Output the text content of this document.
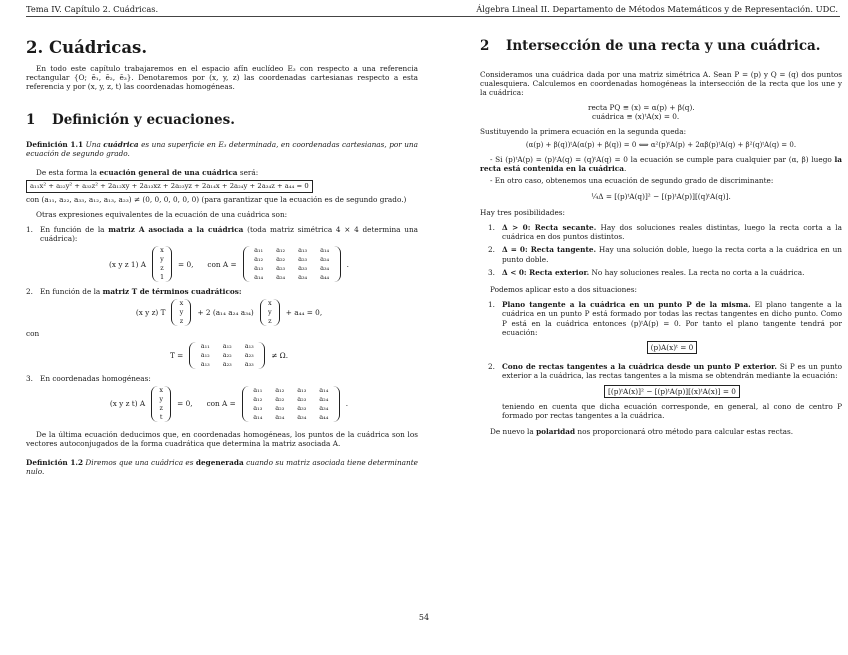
Tema IV. Capítulo 2. Cuádricas.	Álgebra Lineal II. Departamento de Métodos Matemáticos y de Representación. UDC.
2. Cuádricas.

En todo este capítulo trabajaremos en el espacio afín euclídeo E₃ con respecto a una referencia rectangular {O; ē₁, ē₂, ē₃}. Denotaremos por (x, y, z) las coordenadas cartesianas respecto a esta referencia y por (x, y, z, t) las coordenadas homogéneas.

1 Definición y ecuaciones.

Definición 1.1 Una cuádrica es una superficie en E₃ determinada, en coordenadas cartesianas, por una ecuación de segundo grado.

De esta forma la ecuación general de una cuádrica será:

a₁₁x² + a₂₂y² + a₃₃z² + 2a₁₂xy + 2a₁₃xz + 2a₂₃yz + 2a₁₄x + 2a₂₄y + 2a₃₄z + a₄₄ = 0

con (a₁₁, a₂₂, a₃₃, a₁₂, a₁₃, a₂₃) ≠ (0, 0, 0, 0, 0, 0) (para garantizar que la ecuación es de segundo grado.)

Otras expresiones equivalentes de la ecuación de una cuádrica son:

1. En función de la matriz A asociada a la cuádrica (toda matriz simétrica 4 × 4 determina una cuádrica):

(x y z 1) A
x
y
z
1
= 0, con A =
a₁₁	a₁₂	a₁₃	a₁₄
a₁₂	a₂₂	a₂₃	a₂₄
a₁₃	a₂₃	a₃₃	a₃₄
a₁₄	a₂₄	a₃₄	a₄₄
.
2. En función de la matriz T de términos cuadráticos:

(x y z) T
x
y
z
+ 2 (a₁₄ a₂₄ a₃₄)
x
y
z
+ a₄₄ = 0,

con

T =
a₁₁	a₁₂	a₁₃
a₁₂	a₂₂	a₂₃
a₁₃	a₂₃	a₃₃
≠ Ω.
3. En coordenadas homogéneas:

(x y z t) A
x
y
z
t
= 0, con A =
a₁₁	a₁₂	a₁₃	a₁₄
a₁₂	a₂₂	a₂₃	a₂₄
a₁₃	a₂₃	a₃₃	a₃₄
a₁₄	a₂₄	a₃₄	a₄₄
.

De la última ecuación deducimos que, en coordenadas homogéneas, los puntos de la cuádrica son los vectores autoconjugados de la forma cuadrática que determina la matriz asociada A.

Definición 1.2 Diremos que una cuádrica es degenerada cuando su matriz asociada tiene determinante nulo.

2 Intersección de una recta y una cuádrica.

Consideramos una cuádrica dada por una matriz simétrica A. Sean P = (p) y Q = (q) dos puntos cualesquiera. Calculemos en coordenadas homogéneas la intersección de la recta que los une y la cuádrica:

recta PQ ≡ (x) = α(p) + β(q).
cuádrica ≡ (x)ᵗA(x) = 0.

Sustituyendo la primera ecuación en la segunda queda:

(α(p) + β(q))ᵗA(α(p) + β(q)) = 0 ⟺ α²(p)ᵗA(p) + 2αβ(p)ᵗA(q) + β²(q)ᵗA(q) = 0.

- Si (p)ᵗA(p) = (p)ᵗA(q) = (q)ᵗA(q) = 0 la ecuación se cumple para cualquier par (α, β) luego la recta está contenida en la cuádrica.

- En otro caso, obtenemos una ecuación de segundo grado de discriminante:

¼Δ = [(p)ᵗA(q)]² − [(p)ᵗA(p)][(q)ᵗA(q)].

Hay tres posibilidades:

1. Δ > 0: Recta secante. Hay dos soluciones reales distintas, luego la recta corta a la cuádrica en dos puntos distintos.

2. Δ = 0: Recta tangente. Hay una solución doble, luego la recta corta a la cuádrica en un punto doble.

3. Δ < 0: Recta exterior. No hay soluciones reales. La recta no corta a la cuádrica.

Podemos aplicar esto a dos situaciones:

1. Plano tangente a la cuádrica en un punto P de la misma. El plano tangente a la cuádrica en un punto P está formado por todas las rectas tangentes en dicho punto. Como P está en la cuádrica entonces (p)ᵗA(p) = 0. Por tanto el plano tangente tendrá por ecuación:

(p)A(x)ᵗ = 0
2. Cono de rectas tangentes a la cuádrica desde un punto P exterior. Si P es un punto exterior a la cuádrica, las rectas tangentes a la misma se obtendrán mediante la ecuación:

[(p)ᵗA(x)]² − [(p)ᵗA(p)][(x)ᵗA(x)] = 0

teniendo en cuenta que dicha ecuación corresponde, en general, al cono de centro P formado por rectas tangentes a la cuádrica.

De nuevo la polaridad nos proporcionará otro método para calcular estas rectas.

54
